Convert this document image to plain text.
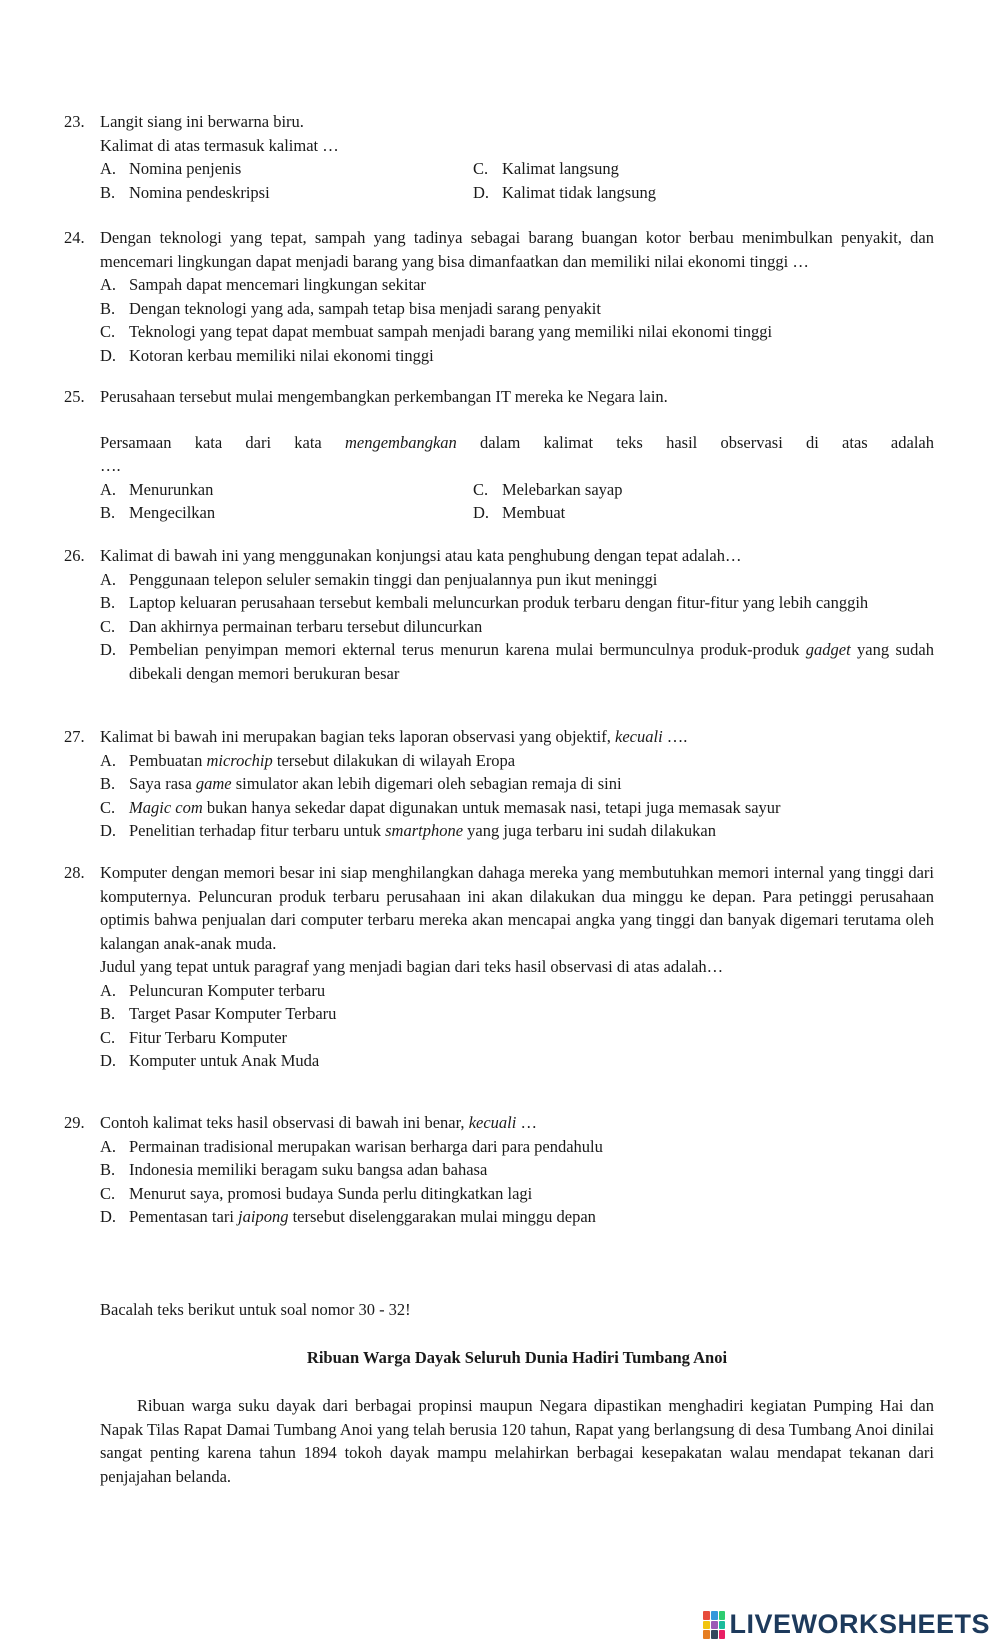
23. Langit siang ini berwarna biru.
Kalimat di atas termasuk kalimat …
A. Nomina penjenis	C. Kalimat langsung
B. Nomina pendeskripsi	D. Kalimat tidak langsung
24. Dengan teknologi yang tepat, sampah yang tadinya sebagai barang buangan kotor berbau menimbulkan penyakit, dan mencemari lingkungan dapat menjadi barang yang bisa dimanfaatkan dan memiliki nilai ekonomi tinggi …
A. Sampah dapat mencemari lingkungan sekitar
B. Dengan teknologi yang ada, sampah tetap bisa menjadi sarang penyakit
C. Teknologi yang tepat dapat membuat sampah menjadi barang yang memiliki nilai ekonomi tinggi
D. Kotoran kerbau memiliki nilai ekonomi tinggi
25. Perusahaan tersebut mulai mengembangkan perkembangan IT mereka ke Negara lain.
Persamaan kata dari kata mengembangkan dalam kalimat teks hasil observasi di atas adalah
….
A. Menurunkan	C. Melebarkan sayap
B. Mengecilkan	D. Membuat
26. Kalimat di bawah ini yang menggunakan konjungsi atau kata penghubung dengan tepat adalah…
A. Penggunaan telepon seluler semakin tinggi dan penjualannya pun ikut meninggi
B. Laptop keluaran perusahaan tersebut kembali meluncurkan produk terbaru dengan fitur-fitur yang lebih canggih
C. Dan akhirnya permainan terbaru tersebut diluncurkan
D. Pembelian penyimpan memori ekternal terus menurun karena mulai bermunculnya produk-produk gadget yang sudah dibekali dengan memori berukuran besar
27. Kalimat bi bawah ini merupakan bagian teks laporan observasi yang objektif, kecuali ….
A. Pembuatan microchip tersebut dilakukan di wilayah Eropa
B. Saya rasa game simulator akan lebih digemari oleh sebagian remaja di sini
C. Magic com bukan hanya sekedar dapat digunakan untuk memasak nasi, tetapi juga memasak sayur
D. Penelitian terhadap fitur terbaru untuk smartphone yang juga terbaru ini sudah dilakukan
28. Komputer dengan memori besar ini siap menghilangkan dahaga mereka yang membutuhkan memori internal yang tinggi dari komputernya. Peluncuran produk terbaru perusahaan ini akan dilakukan dua minggu ke depan. Para petinggi perusahaan optimis bahwa penjualan dari computer terbaru mereka akan mencapai angka yang tinggi dan banyak digemari terutama oleh kalangan anak-anak muda.
Judul yang tepat untuk paragraf yang menjadi bagian dari teks hasil observasi di atas adalah…
A. Peluncuran Komputer terbaru
B. Target Pasar Komputer Terbaru
C. Fitur Terbaru Komputer
D. Komputer untuk Anak Muda
29. Contoh kalimat teks hasil observasi di bawah ini benar, kecuali …
A. Permainan tradisional merupakan warisan berharga dari para pendahulu
B. Indonesia memiliki beragam suku bangsa adan bahasa
C. Menurut saya, promosi budaya Sunda perlu ditingkatkan lagi
D. Pementasan tari jaipong tersebut diselenggarakan mulai minggu depan
Bacalah teks berikut untuk soal nomor 30 - 32!
Ribuan Warga Dayak Seluruh Dunia Hadiri Tumbang Anoi
Ribuan warga suku dayak dari berbagai propinsi maupun Negara dipastikan menghadiri kegiatan Pumping Hai dan Napak Tilas Rapat Damai Tumbang Anoi yang telah berusia 120 tahun, Rapat yang berlangsung di desa Tumbang Anoi dinilai sangat penting karena tahun 1894 tokoh dayak mampu melahirkan berbagai kesepakatan walau mendapat tekanan dari penjajahan belanda.
LIVEWORKSHEETS
